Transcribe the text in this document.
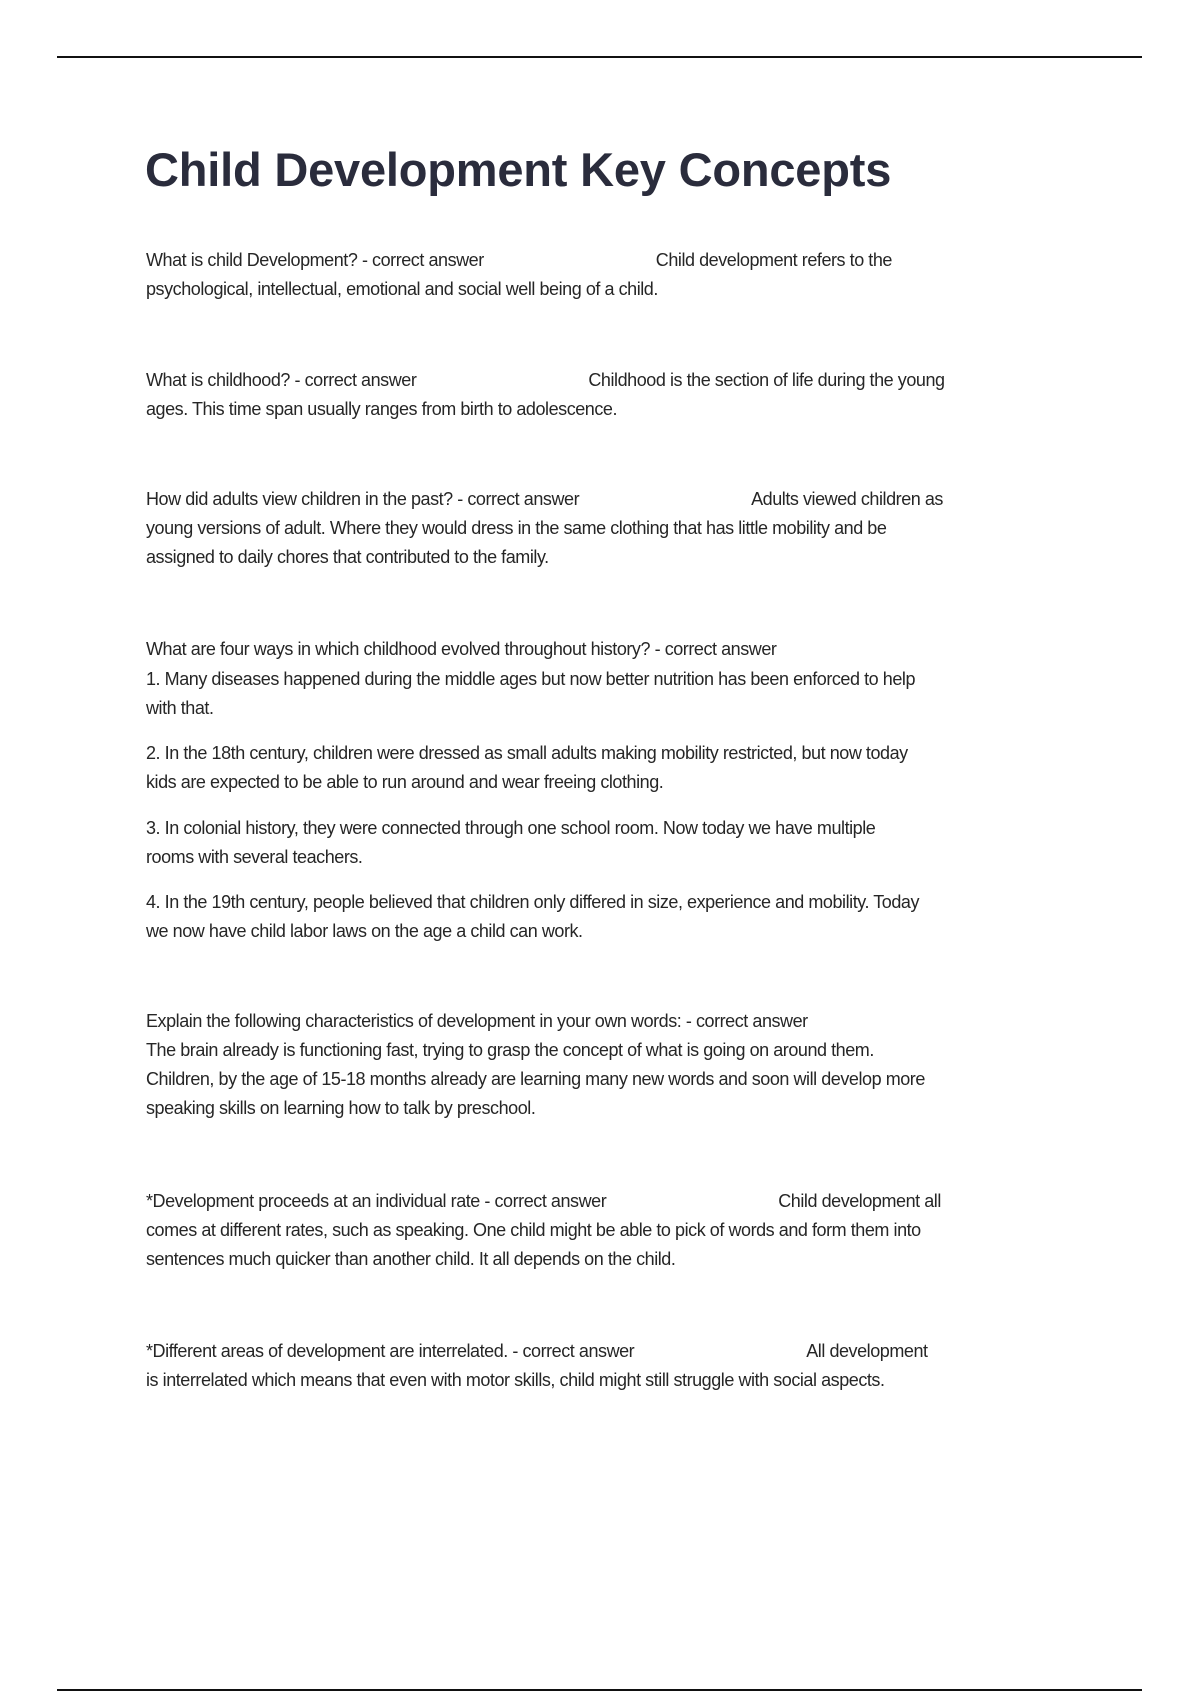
Child Development Key Concepts
What is child Development? - correct answer	Child development refers to the
psychological, intellectual, emotional and social well being of a child.
What is childhood? - correct answer	Childhood is the section of life during the young
ages. This time span usually ranges from birth to adolescence.
How did adults view children in the past? - correct answer	Adults viewed children as
young versions of adult. Where they would dress in the same clothing that has little mobility and be
assigned to daily chores that contributed to the family.
What are four ways in which childhood evolved throughout history? - correct answer
1. Many diseases happened during the middle ages but now better nutrition has been enforced to help
with that.
2. In the 18th century, children were dressed as small adults making mobility restricted, but now today
kids are expected to be able to run around and wear freeing clothing.
3. In colonial history, they were connected through one school room. Now today we have multiple
rooms with several teachers.
4. In the 19th century, people believed that children only differed in size, experience and mobility. Today
we now have child labor laws on the age a child can work.
Explain the following characteristics of development in your own words: - correct answer
The brain already is functioning fast, trying to grasp the concept of what is going on around them.
Children, by the age of 15-18 months already are learning many new words and soon will develop more
speaking skills on learning how to talk by preschool.
*Development proceeds at an individual rate - correct answer	Child development all
comes at different rates, such as speaking. One child might be able to pick of words and form them into
sentences much quicker than another child. It all depends on the child.
*Different areas of development are interrelated. - correct answer	All development
is interrelated which means that even with motor skills, child might still struggle with social aspects.
